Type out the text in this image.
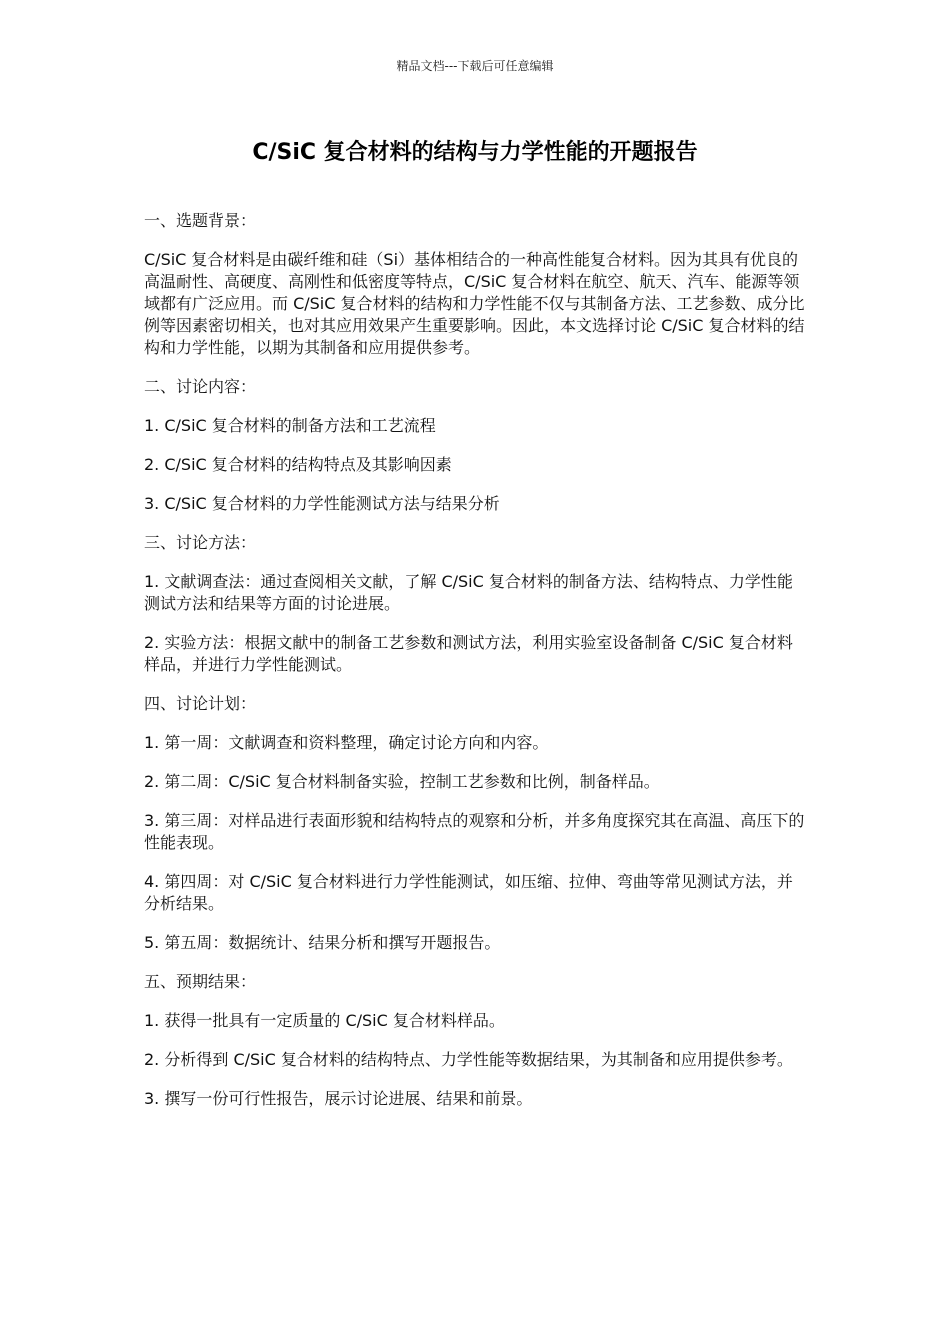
精品文档---下载后可任意编辑
C/SiC 复合材料的结构与力学性能的开题报告

一、选题背景：

C/SiC 复合材料是由碳纤维和硅（Si）基体相结合的一种高性能复合材料。因为其具有优良的高温耐性、高硬度、高刚性和低密度等特点，C/SiC 复合材料在航空、航天、汽车、能源等领域都有广泛应用。而 C/SiC 复合材料的结构和力学性能不仅与其制备方法、工艺参数、成分比例等因素密切相关，也对其应用效果产生重要影响。因此，本文选择讨论 C/SiC 复合材料的结构和力学性能，以期为其制备和应用提供参考。

二、讨论内容：

1. C/SiC 复合材料的制备方法和工艺流程

2. C/SiC 复合材料的结构特点及其影响因素

3. C/SiC 复合材料的力学性能测试方法与结果分析

三、讨论方法：

1. 文献调查法：通过查阅相关文献，了解 C/SiC 复合材料的制备方法、结构特点、力学性能测试方法和结果等方面的讨论进展。

2. 实验方法：根据文献中的制备工艺参数和测试方法，利用实验室设备制备 C/SiC 复合材料样品，并进行力学性能测试。

四、讨论计划：

1. 第一周：文献调查和资料整理，确定讨论方向和内容。

2. 第二周：C/SiC 复合材料制备实验，控制工艺参数和比例，制备样品。

3. 第三周：对样品进行表面形貌和结构特点的观察和分析，并多角度探究其在高温、高压下的性能表现。

4. 第四周：对 C/SiC 复合材料进行力学性能测试，如压缩、拉伸、弯曲等常见测试方法，并分析结果。

5. 第五周：数据统计、结果分析和撰写开题报告。

五、预期结果：

1. 获得一批具有一定质量的 C/SiC 复合材料样品。

2. 分析得到 C/SiC 复合材料的结构特点、力学性能等数据结果，为其制备和应用提供参考。

3. 撰写一份可行性报告，展示讨论进展、结果和前景。
